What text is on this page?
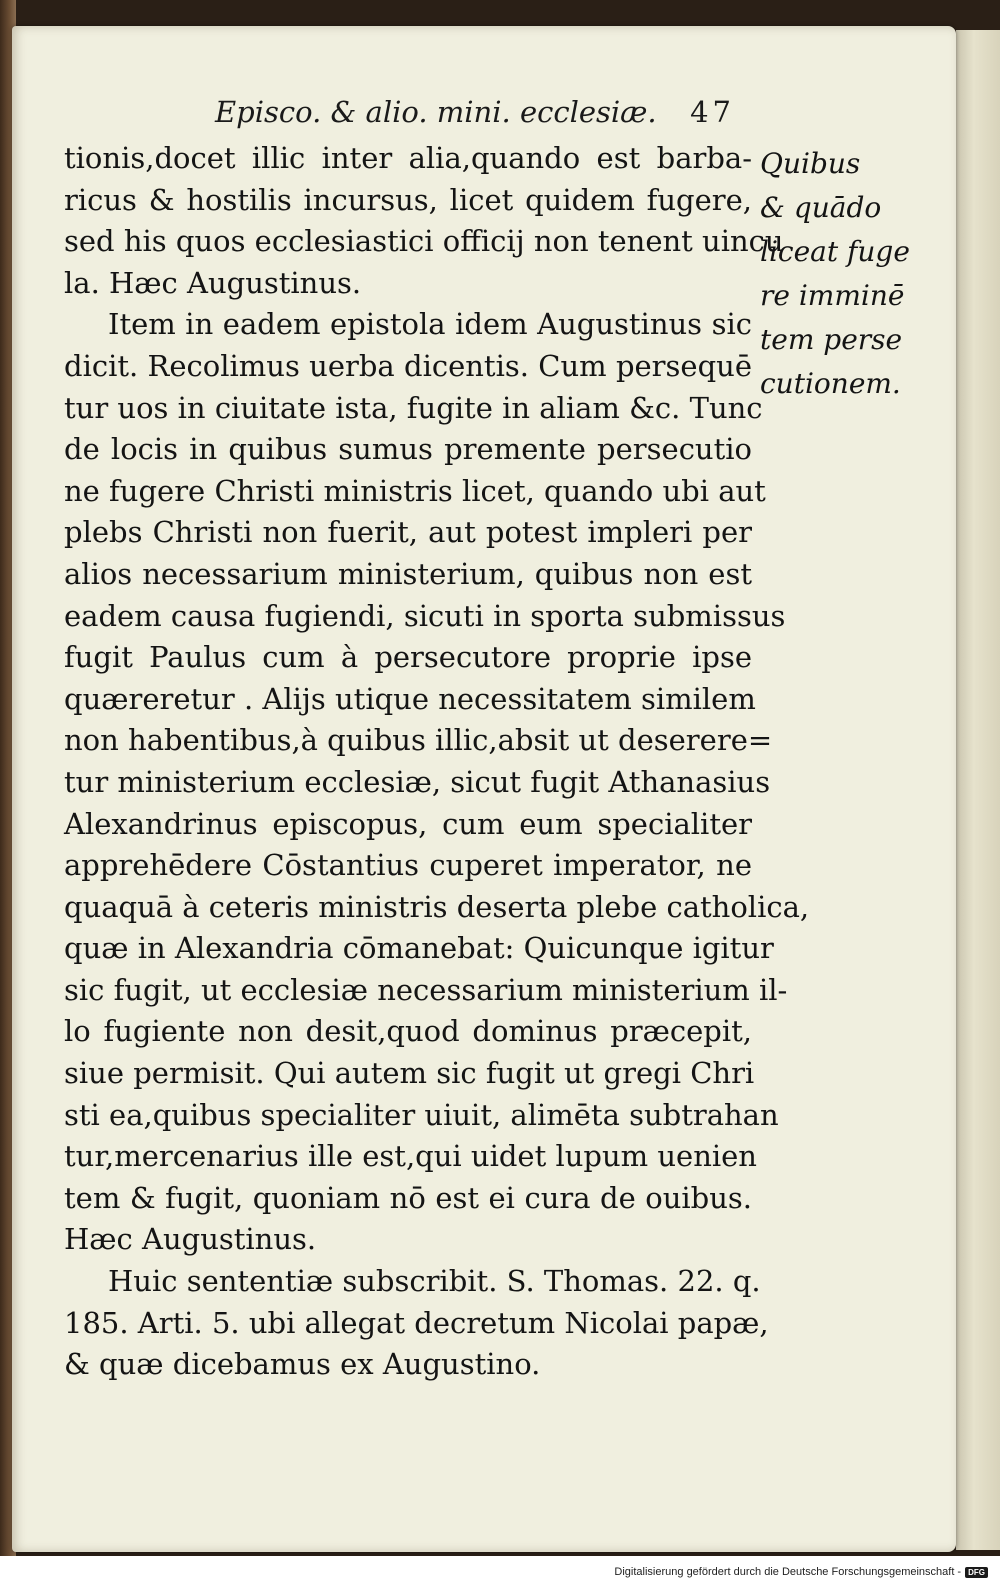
Episco. & alio. mini. ecclesiæ. 47
tionis,docet illic inter alia,quando est barba-
ricus & hostilis incursus, licet quidem fugere,
sed his quos ecclesiastici officij non tenent uincu
la. Hæc Augustinus.
Item in eadem epistola idem Augustinus sic
dicit. Recolimus uerba dicentis. Cum persequē
tur uos in ciuitate ista, fugite in aliam &c. Tunc
de locis in quibus sumus premente persecutio
ne fugere Christi ministris licet, quando ubi aut
plebs Christi non fuerit, aut potest impleri per
alios necessarium ministerium, quibus non est
eadem causa fugiendi, sicuti in sporta submissus
fugit Paulus cum à persecutore proprie ipse
quæreretur . Alijs utique necessitatem similem
non habentibus,à quibus illic,absit ut deserere=
tur ministerium ecclesiæ, sicut fugit Athanasius
Alexandrinus episcopus, cum eum specialiter
apprehēdere Cōstantius cuperet imperator, ne
quaquā à ceteris ministris deserta plebe catholica,
quæ in Alexandria cōmanebat: Quicunque igitur
sic fugit, ut ecclesiæ necessarium ministerium il-
lo fugiente non desit,quod dominus præcepit,
siue permisit. Qui autem sic fugit ut gregi Chri
sti ea,quibus specialiter uiuit, alimēta subtrahan
tur,mercenarius ille est,qui uidet lupum uenien
tem & fugit, quoniam nō est ei cura de ouibus.
Hæc Augustinus.
Huic sententiæ subscribit. S. Thomas. 22. q.
185. Arti. 5. ubi allegat decretum Nicolai papæ,
& quæ dicebamus ex Augustino.
Quibus
& quādo
liceat fuge
re imminē
tem perse
cutionem.
Digitalisierung gefördert durch die Deutsche Forschungsgemeinschaft - DFG
